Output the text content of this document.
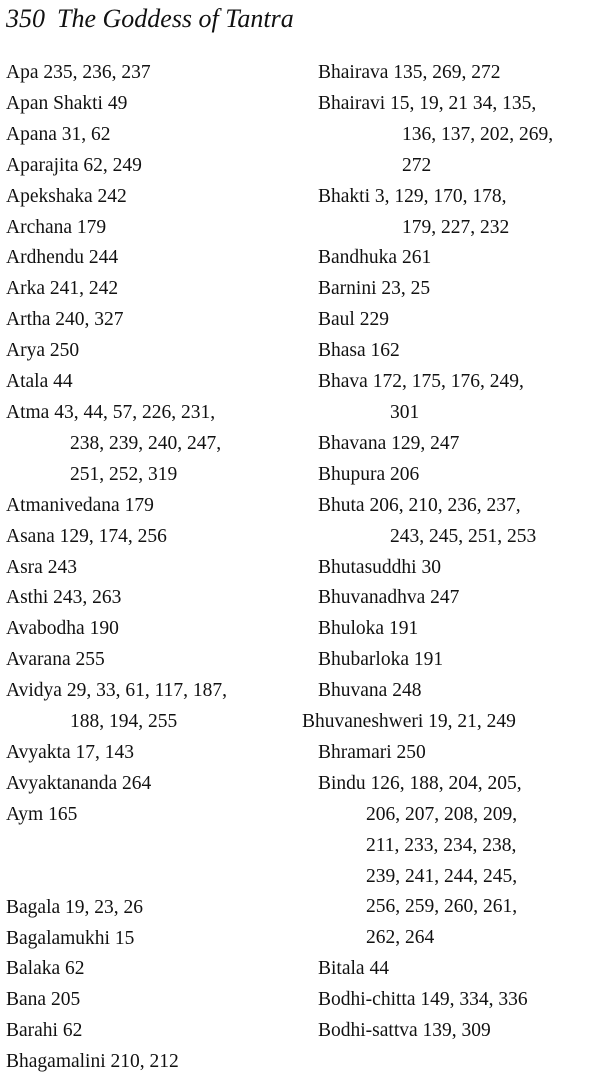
350 The Goddess of Tantra
Apa 235, 236, 237
Apan Shakti 49
Apana 31, 62
Aparajita 62, 249
Apekshaka 242
Archana 179
Ardhendu 244
Arka 241, 242
Artha 240, 327
Arya 250
Atala 44
Atma 43, 44, 57, 226, 231,
238, 239, 240, 247,
251, 252, 319
Atmanivedana 179
Asana 129, 174, 256
Asra 243
Asthi 243, 263
Avabodha 190
Avarana 255
Avidya 29, 33, 61, 117, 187,
188, 194, 255
Avyakta 17, 143
Avyaktananda 264
Aym 165
Bagala 19, 23, 26
Bagalamukhi 15
Balaka 62
Bana 205
Barahi 62
Bhagamalini 210, 212
Bhairava 135, 269, 272
Bhairavi 15, 19, 21 34, 135,
136, 137, 202, 269,
272
Bhakti 3, 129, 170, 178,
179, 227, 232
Bandhuka 261
Barnini 23, 25
Baul 229
Bhasa 162
Bhava 172, 175, 176, 249,
301
Bhavana 129, 247
Bhupura 206
Bhuta 206, 210, 236, 237,
243, 245, 251, 253
Bhutasuddhi 30
Bhuvanadhva 247
Bhuloka 191
Bhubarloka 191
Bhuvana 248
Bhuvaneshweri 19, 21, 249
Bhramari 250
Bindu 126, 188, 204, 205,
206, 207, 208, 209,
211, 233, 234, 238,
239, 241, 244, 245,
256, 259, 260, 261,
262, 264
Bitala 44
Bodhi-chitta 149, 334, 336
Bodhi-sattva 139, 309
